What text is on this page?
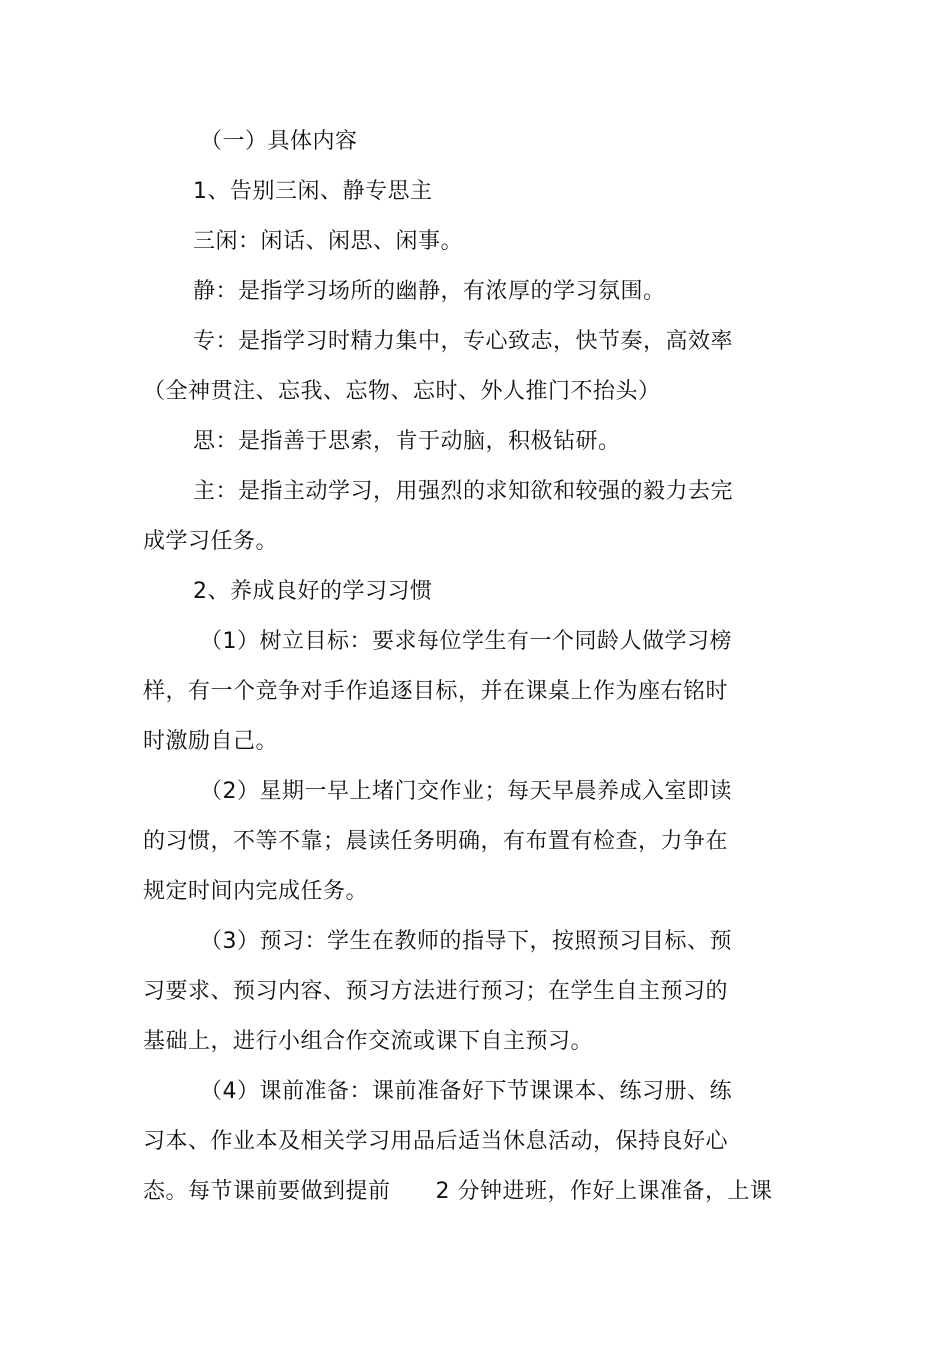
（一）具体内容
1、告别三闲、静专思主
三闲：闲话、闲思、闲事。
静：是指学习场所的幽静，有浓厚的学习氛围。
专：是指学习时精力集中，专心致志，快节奏，高效率
（全神贯注、忘我、忘物、忘时、外人推门不抬头）
思：是指善于思索，肯于动脑，积极钻研。
主：是指主动学习，用强烈的求知欲和较强的毅力去完
成学习任务。
2、养成良好的学习习惯
（1）树立目标：要求每位学生有一个同龄人做学习榜
样，有一个竞争对手作追逐目标，并在课桌上作为座右铭时
时激励自己。
（2）星期一早上堵门交作业；每天早晨养成入室即读
的习惯，不等不靠；晨读任务明确，有布置有检查，力争在
规定时间内完成任务。
（3）预习：学生在教师的指导下，按照预习目标、预
习要求、预习内容、预习方法进行预习；在学生自主预习的
基础上，进行小组合作交流或课下自主预习。
（4）课前准备：课前准备好下节课课本、练习册、练
习本、作业本及相关学习用品后适当休息活动，保持良好心
态。每节课前要做到提前　　2 分钟进班，作好上课准备，上课
